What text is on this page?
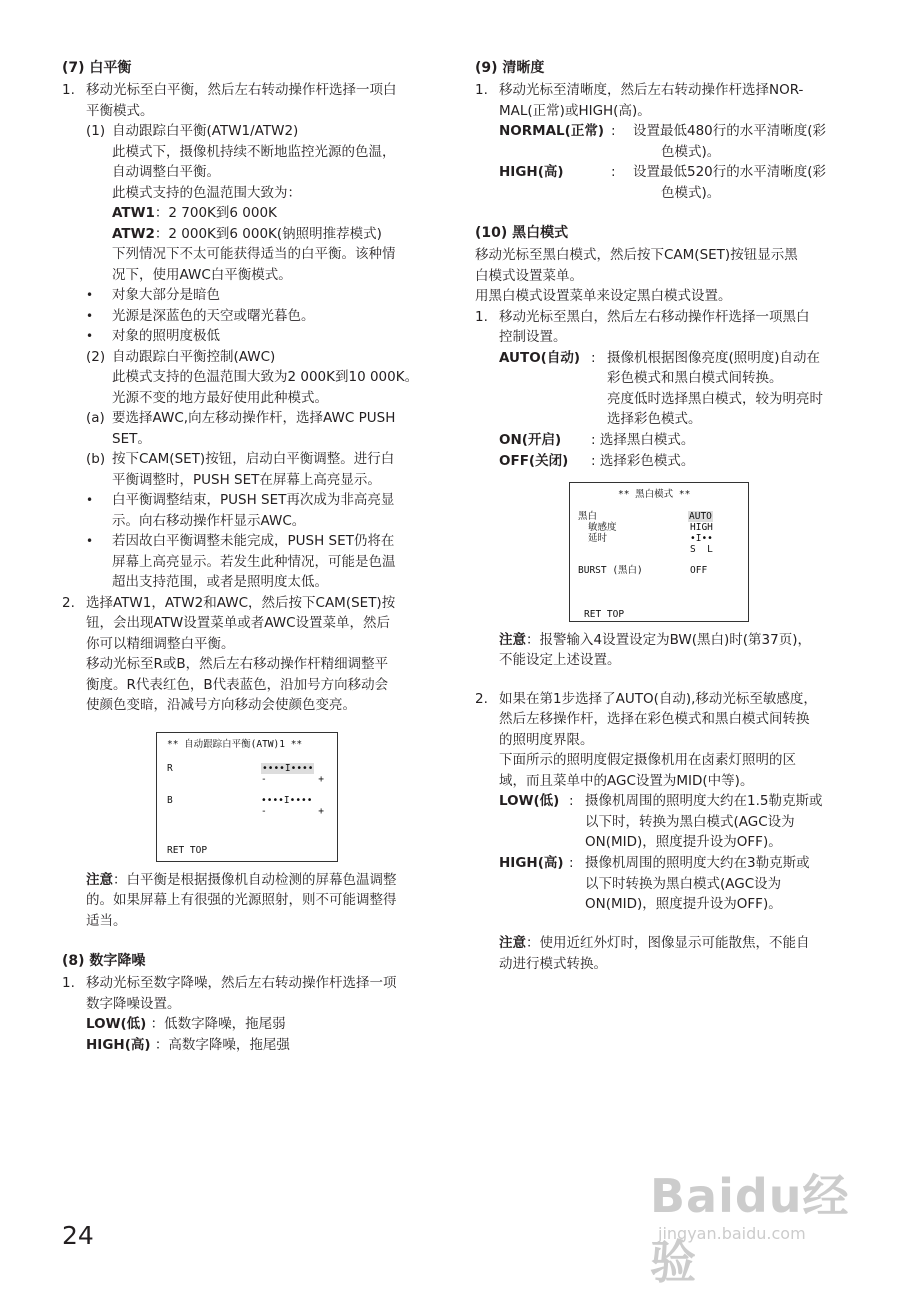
(7) 白平衡
1. 移动光标至白平衡，然后左右转动操作杆选择一项白
平衡模式。
(1) 自动跟踪白平衡(ATW1/ATW2)
此模式下，摄像机持续不断地监控光源的色温，
自动调整白平衡。
此模式支持的色温范围大致为：
ATW1：2 700K到6 000K
ATW2：2 000K到6 000K(钠照明推荐模式)
下列情况下不太可能获得适当的白平衡。该种情
况下，使用AWC白平衡模式。
• 对象大部分是暗色
• 光源是深蓝色的天空或曙光暮色。
• 对象的照明度极低
(2) 自动跟踪白平衡控制(AWC)
此模式支持的色温范围大致为2 000K到10 000K。
光源不变的地方最好使用此种模式。
(a) 要选择AWC,向左移动操作杆，选择AWC PUSH
SET。
(b) 按下CAM(SET)按钮，启动白平衡调整。进行白
平衡调整时，PUSH SET在屏幕上高亮显示。
• 白平衡调整结束，PUSH SET再次成为非高亮显
示。向右移动操作杆显示AWC。
• 若因故白平衡调整未能完成，PUSH SET仍将在
屏幕上高亮显示。若发生此种情况，可能是色温
超出支持范围，或者是照明度太低。
2. 选择ATW1，ATW2和AWC，然后按下CAM(SET)按
钮，会出现ATW设置菜单或者AWC设置菜单，然后
你可以精细调整白平衡。
移动光标至R或B，然后左右移动操作杆精细调整平
衡度。R代表红色，B代表蓝色，沿加号方向移动会
使颜色变暗，沿减号方向移动会使颜色变亮。
** 自动跟踪白平衡(ATW)1 **
R	••••I••••
-         +
B	••••I••••
-         +
RET TOP
注意：白平衡是根据摄像机自动检测的屏幕色温调整
的。如果屏幕上有很强的光源照射，则不可能调整得
适当。
(8) 数字降噪
1. 移动光标至数字降噪，然后左右转动操作杆选择一项
数字降噪设置。
LOW(低) ：低数字降噪，拖尾弱
HIGH(高) ：高数字降噪，拖尾强
(9) 清晰度
1. 移动光标至清晰度，然后左右转动操作杆选择NOR-
MAL(正常)或HIGH(高)。
NORMAL(正常) : 设置最低480行的水平清晰度(彩
色模式)。
HIGH(高)	: 设置最低520行的水平清晰度(彩
色模式)。
(10) 黑白模式
移动光标至黑白模式，然后按下CAM(SET)按钮显示黑
白模式设置菜单。
用黑白模式设置菜单来设定黑白模式设置。
1. 移动光标至黑白，然后左右移动操作杆选择一项黑白
控制设置。
AUTO(自动) : 摄像机根据图像亮度(照明度)自动在
彩色模式和黑白模式间转换。
亮度低时选择黑白模式，较为明亮时
选择彩色模式。
ON(开启) : 选择黑白模式。
OFF(关闭) : 选择彩色模式。
** 黑白模式 **
黑白	AUTO
敏感度	HIGH
延时	•I••
S  L
BURST (黑白)	OFF
RET TOP
注意：报警输入4设置设定为BW(黑白)时(第37页)，
不能设定上述设置。
2. 如果在第1步选择了AUTO(自动),移动光标至敏感度，
然后左移操作杆，选择在彩色模式和黑白模式间转换
的照明度界限。
下面所示的照明度假定摄像机用在卤素灯照明的区
域，而且菜单中的AGC设置为MID(中等)。
LOW(低) : 摄像机周围的照明度大约在1.5勒克斯或
以下时，转换为黑白模式(AGC设为
ON(MID)，照度提升设为OFF)。
HIGH(高) : 摄像机周围的照明度大约在3勒克斯或
以下时转换为黑白模式(AGC设为
ON(MID)，照度提升设为OFF)。
注意：使用近红外灯时，图像显示可能散焦，不能自
动进行模式转换。
24
Baidu经验
jingyan.baidu.com
